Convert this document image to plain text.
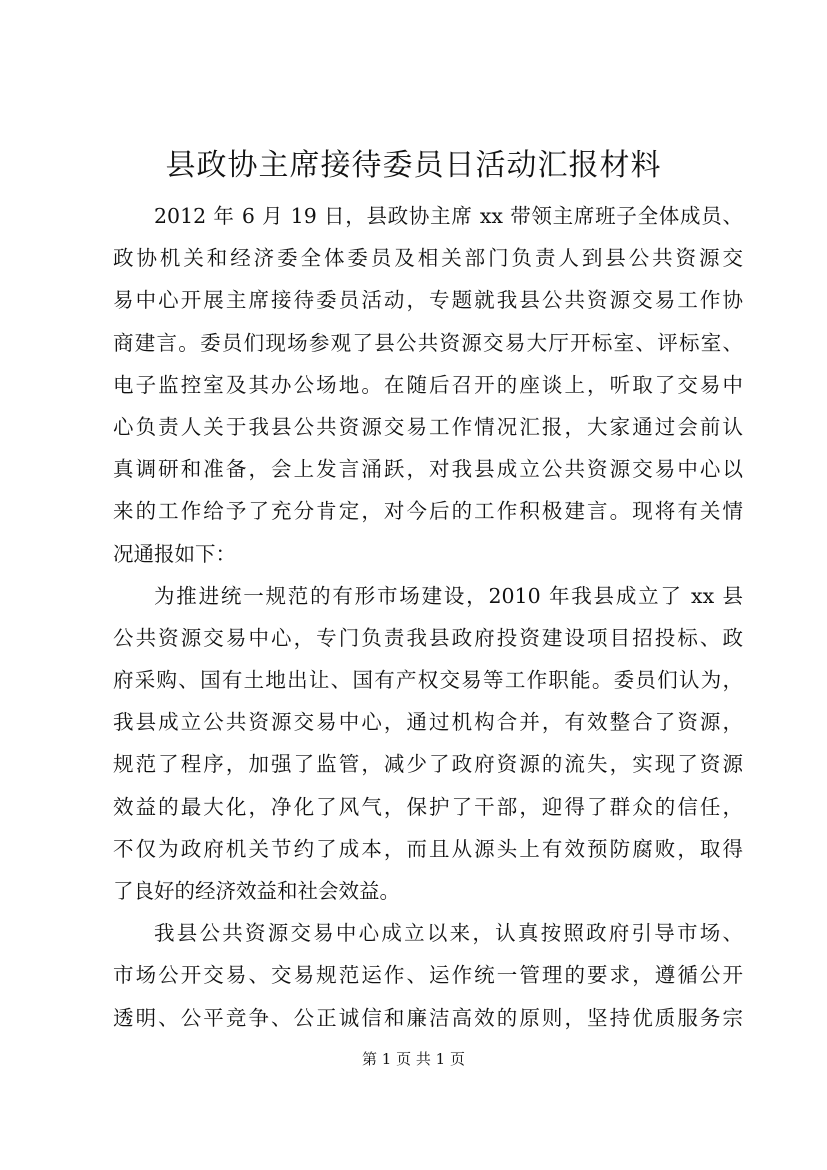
县政协主席接待委员日活动汇报材料
2012 年 6 月 19 日，县政协主席 xx 带领主席班子全体成员、
政协机关和经济委全体委员及相关部门负责人到县公共资源交
易中心开展主席接待委员活动，专题就我县公共资源交易工作协
商建言。委员们现场参观了县公共资源交易大厅开标室、评标室、
电子监控室及其办公场地。在随后召开的座谈上，听取了交易中
心负责人关于我县公共资源交易工作情况汇报，大家通过会前认
真调研和准备，会上发言涌跃，对我县成立公共资源交易中心以
来的工作给予了充分肯定，对今后的工作积极建言。现将有关情
况通报如下：
为推进统一规范的有形市场建设，2010 年我县成立了 xx 县
公共资源交易中心，专门负责我县政府投资建设项目招投标、政
府采购、国有土地出让、国有产权交易等工作职能。委员们认为，
我县成立公共资源交易中心，通过机构合并，有效整合了资源，
规范了程序，加强了监管，减少了政府资源的流失，实现了资源
效益的最大化，净化了风气，保护了干部，迎得了群众的信任，
不仅为政府机关节约了成本，而且从源头上有效预防腐败，取得
了良好的经济效益和社会效益。
我县公共资源交易中心成立以来，认真按照政府引导市场、
市场公开交易、交易规范运作、运作统一管理的要求，遵循公开
透明、公平竞争、公正诚信和廉洁高效的原则，坚持优质服务宗
第 1 页 共 1 页
